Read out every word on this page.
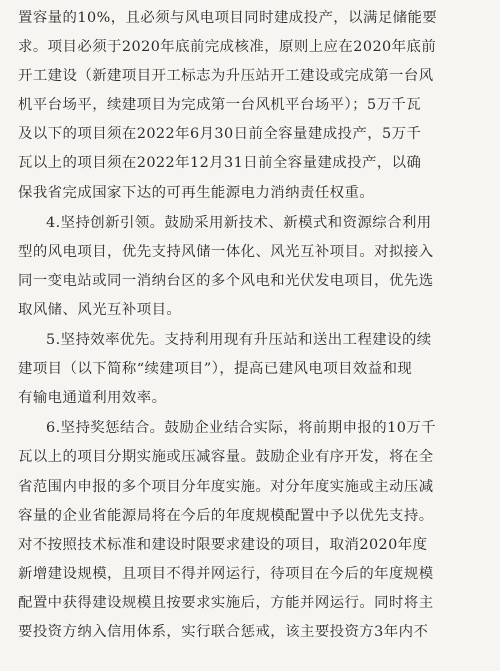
置容量的10%，且必须与风电项目同时建成投产，以满足储能要
求。项目必须于2020年底前完成核准，原则上应在2020年底前
开工建设（新建项目开工标志为升压站开工建设或完成第一台风
机平台场平，续建项目为完成第一台风机平台场平）；5万千瓦
及以下的项目须在2022年6月30日前全容量建成投产，5万千
瓦以上的项目须在2022年12月31日前全容量建成投产，以确
保我省完成国家下达的可再生能源电力消纳责任权重。
4.坚持创新引领。鼓励采用新技术、新模式和资源综合利用
型的风电项目，优先支持风储一体化、风光互补项目。对拟接入
同一变电站或同一消纳台区的多个风电和光伏发电项目，优先选
取风储、风光互补项目。
5.坚持效率优先。支持利用现有升压站和送出工程建设的续
建项目（以下简称“续建项目”），提高已建风电项目效益和现
有输电通道利用效率。
6.坚持奖惩结合。鼓励企业结合实际，将前期申报的10万千
瓦以上的项目分期实施或压减容量。鼓励企业有序开发，将在全
省范围内申报的多个项目分年度实施。对分年度实施或主动压减
容量的企业省能源局将在今后的年度规模配置中予以优先支持。
对不按照技术标准和建设时限要求建设的项目，取消2020年度
新增建设规模，且项目不得并网运行，待项目在今后的年度规模
配置中获得建设规模且按要求实施后，方能并网运行。同时将主
要投资方纳入信用体系，实行联合惩戒，该主要投资方3年内不
